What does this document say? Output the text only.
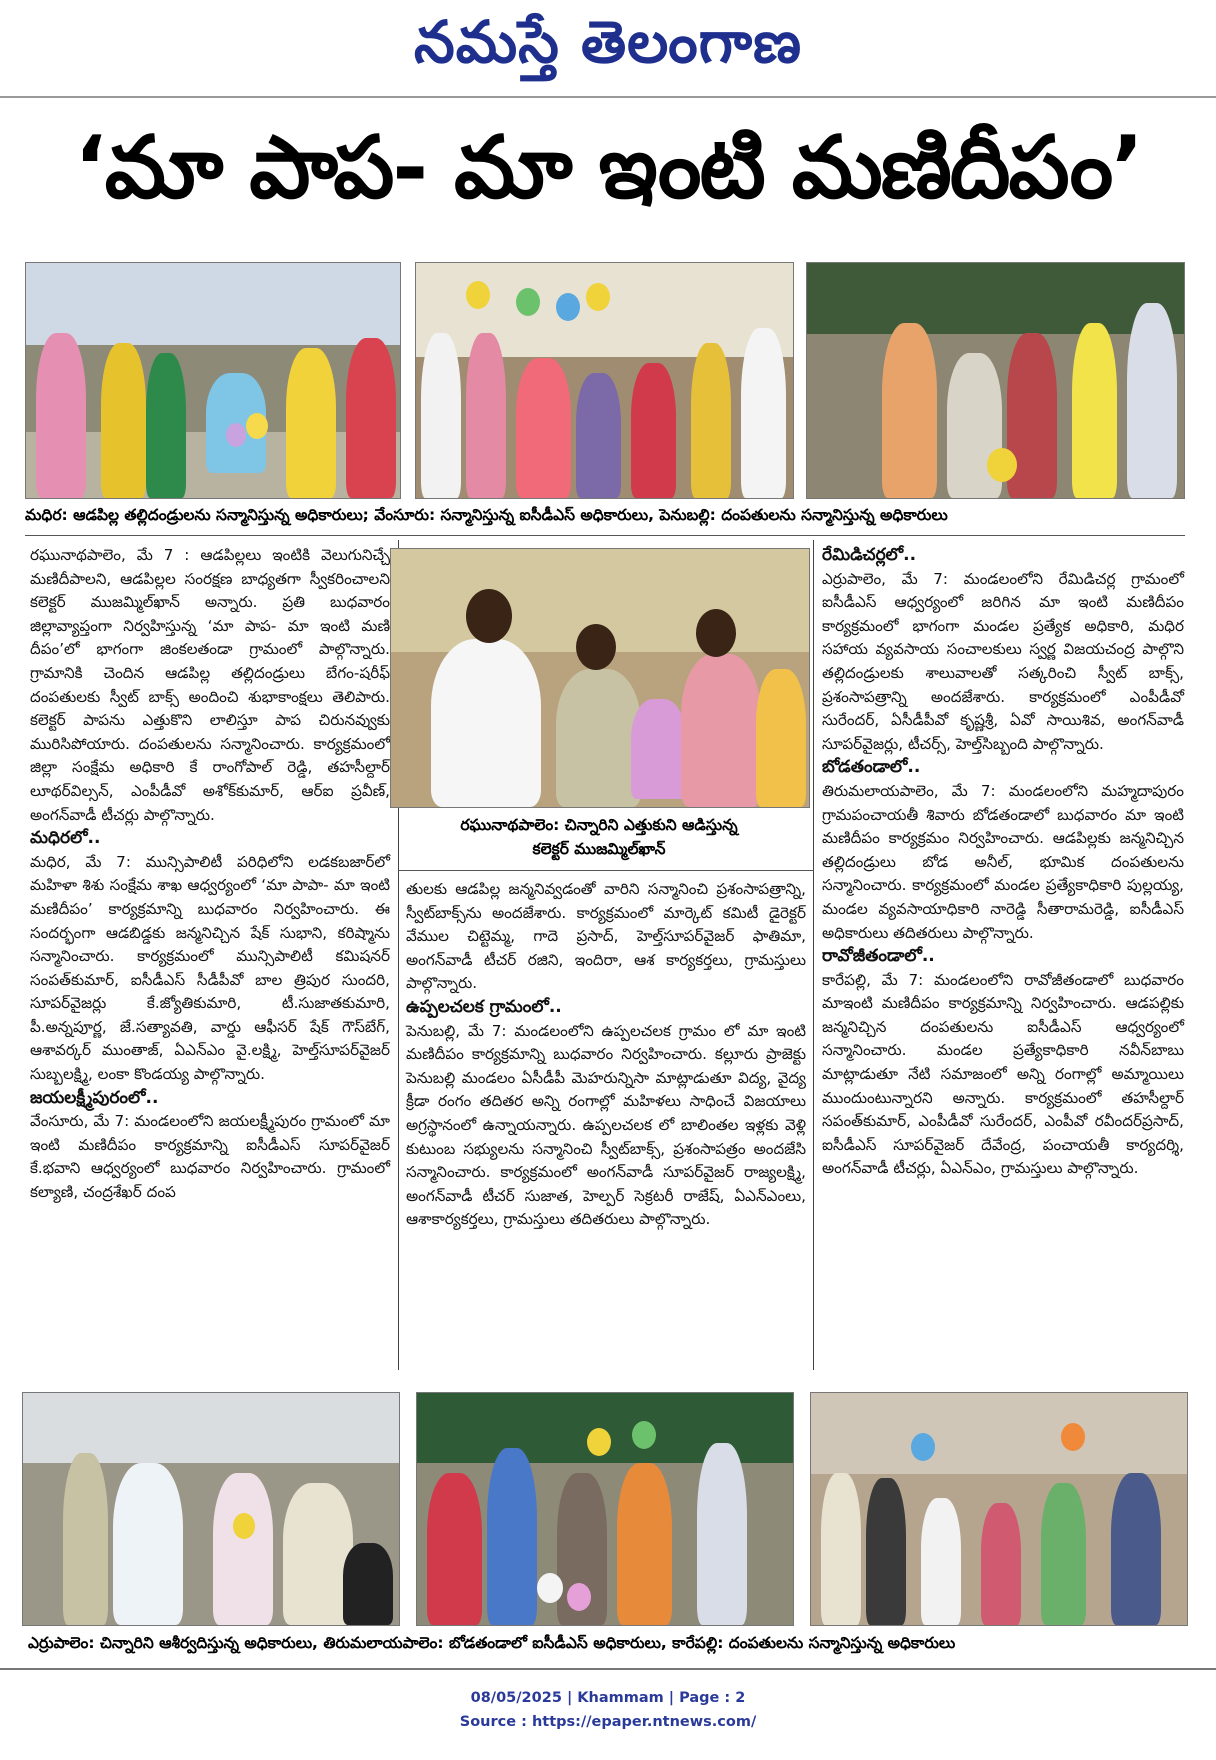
నమస్తే తెలంగాణ
‘మా పాప- మా ఇంటి మణిదీపం’
మధిర: ఆడపిల్ల తల్లిదండ్రులను సన్మానిస్తున్న అధికారులు; వేంసూరు: సన్మానిస్తున్న ఐసీడీఎస్ అధికారులు, పెనుబల్లి: దంపతులను సన్మానిస్తున్న అధికారులు

రఘునాథపాలెం, మే 7 : ఆడపిల్లలు ఇంటికి వెలుగునిచ్చే మణిదీపాలని, ఆడపిల్లల సంరక్షణ బాధ్యతగా స్వీకరించాలని కలెక్టర్ ముజమ్మిల్‌ఖాన్ అన్నారు. ప్రతి బుధవారం జిల్లావ్యాప్తంగా నిర్వహిస్తున్న ‘మా పాప- మా ఇంటి మణి దీపం’లో భాగంగా జింకలతండా గ్రామంలో పాల్గొన్నారు. గ్రామానికి చెందిన ఆడపిల్ల తల్లిదండ్రులు బేగం-షరీఫ్ దంపతులకు స్వీట్ బాక్స్ అందించి శుభాకాంక్షలు తెలిపారు. కలెక్టర్ పాపను ఎత్తుకొని లాలిస్తూ పాప చిరునవ్వుకు మురిసిపోయారు. దంపతులను సన్మానించారు. కార్యక్రమంలో జిల్లా సంక్షేమ అధికారి కే రాంగోపాల్ రెడ్డి, తహసీల్దార్ లూథర్‌విల్సన్, ఎంపీడీవో అశోక్‌కుమార్, ఆర్‌ఐ ప్రవీణ్, అంగన్‌వాడీ టీచర్లు పాల్గొన్నారు.

మధిరలో..

మధిర, మే 7: మున్సిపాలిటీ పరిధిలోని లడకబజార్‌లో మహిళా శిశు సంక్షేమ శాఖ ఆధ్వర్యంలో ‘మా పాపా- మా ఇంటి మణిదీపం’ కార్యక్రమాన్ని బుధవారం నిర్వహించారు. ఈ సందర్భంగా ఆడబిడ్డకు జన్మనిచ్చిన షేక్ సుభాని, కరిష్మాను సన్మానించారు. కార్యక్రమంలో మున్సిపాలిటీ కమిషనర్ సంపత్‌కుమార్, ఐసీడీఎస్ సీడీపీవో బాల త్రిపుర సుందరి, సూపర్‌వైజర్లు కే.జ్యోతికుమారి, టీ.సుజాతకుమారి, పీ.అన్నపూర్ణ, జే.సత్యావతి, వార్డు ఆఫీసర్ షేక్ గౌస్‌బేగ్, ఆశావర్కర్ ముంతాజ్, ఏఎన్‌ఎం వై.లక్ష్మి, హెల్త్‌సూపర్‌వైజర్ సుబ్బలక్ష్మి, లంకా కొండయ్య పాల్గొన్నారు.

జయలక్ష్మీపురంలో..

వేంసూరు, మే 7: మండలంలోని జయలక్ష్మీపురం గ్రామంలో మా ఇంటి మణిదీపం కార్యక్రమాన్ని ఐసీడీఎస్ సూపర్‌వైజర్ కే.భవాని ఆధ్వర్యంలో బుధవారం నిర్వహించారు. గ్రామంలో కల్యాణి, చంద్రశేఖర్ దంప

రఘునాథపాలెం: చిన్నారిని ఎత్తుకుని ఆడిస్తున్న
కలెక్టర్ ముజమ్మిల్‌ఖాన్

తులకు ఆడపిల్ల జన్మనివ్వడంతో వారిని సన్మానించి ప్రశంసాపత్రాన్ని, స్వీట్‌బాక్స్‌ను అందజేశారు. కార్యక్రమంలో మార్కెట్ కమిటీ డైరెక్టర్ వేముల చిట్టెమ్మ, గాదె ప్రసాద్, హెల్త్‌సూపర్‌వైజర్ ఫాతిమా, అంగన్‌వాడీ టీచర్ రజిని, ఇందిరా, ఆశ కార్యకర్తలు, గ్రామస్తులు పాల్గొన్నారు.

ఉప్పలచలక గ్రామంలో..

పెనుబల్లి, మే 7: మండలంలోని ఉప్పలచలక గ్రామం లో మా ఇంటి మణిదీపం కార్యక్రమాన్ని బుధవారం నిర్వహించారు. కల్లూరు ప్రాజెక్టు పెనుబల్లి మండలం ఏసీడీపీ మెహరున్నిసా మాట్లాడుతూ విద్య, వైద్య క్రీడా రంగం తదితర అన్ని రంగాల్లో మహిళలు సాధించే విజయాలు అగ్రస్థానంలో ఉన్నాయన్నారు. ఉప్పలచలక లో బాలింతల ఇళ్లకు వెళ్లి కుటుంబ సభ్యులను సన్మానించి స్వీట్‌బాక్స్, ప్రశంసాపత్రం అందజేసి సన్మానించారు. కార్యక్రమంలో అంగన్‌వాడీ సూపర్‌వైజర్ రాజ్యలక్ష్మి, అంగన్‌వాడీ టీచర్ సుజాత, హెల్పర్ సెక్రటరీ రాజేష్, ఏఎన్‌ఎంలు, ఆశాకార్యకర్తలు, గ్రామస్తులు తదితరులు పాల్గొన్నారు.

రేమిడిచర్లలో..

ఎర్రుపాలెం, మే 7: మండలంలోని రేమిడిచర్ల గ్రామంలో ఐసీడీఎస్ ఆధ్వర్యంలో జరిగిన మా ఇంటి మణిదీపం కార్యక్రమంలో భాగంగా మండల ప్రత్యేక అధికారి, మధిర సహాయ వ్యవసాయ సంచాలకులు స్వర్ణ విజయచంద్ర పాల్గొని తల్లిదండ్రులకు శాలువాలతో సత్కరించి స్వీట్ బాక్స్, ప్రశంసాపత్రాన్ని అందజేశారు. కార్యక్రమంలో ఎంపీడీవో సురేందర్, ఏసీడీపీవో కృష్ణశ్రీ, ఏవో సాయిశివ, అంగన్‌వాడీ సూపర్‌వైజర్లు, టీచర్స్, హెల్త్‌సిబ్బంది పాల్గొన్నారు.

బోడతండాలో..

తిరుమలాయపాలెం, మే 7: మండలంలోని మహ్మదాపురం గ్రామపంచాయతీ శివారు బోడతండాలో బుధవారం మా ఇంటి మణిదీపం కార్యక్రమం నిర్వహించారు. ఆడపిల్లకు జన్మనిచ్చిన తల్లిదండ్రులు బోడ అనీల్, భూమిక దంపతులను సన్మానించారు. కార్యక్రమంలో మండల ప్రత్యేకాధికారి పుల్లయ్య, మండల వ్యవసాయాధికారి నారెడ్డి సీతారామరెడ్డి, ఐసీడీఎస్ అధికారులు తదితరులు పాల్గొన్నారు.

రావోజీతండాలో..

కారేపల్లి, మే 7: మండలంలోని రావోజీతండాలో బుధవారం మాఇంటి మణిదీపం కార్యక్రమాన్ని నిర్వహించారు. ఆడపల్లికు జన్మనిచ్చిన దంపతులను ఐసీడీఎస్ ఆధ్వర్యంలో సన్మానించారు. మండల ప్రత్యేకాధికారి నవీన్‌బాబు మాట్లాడుతూ నేటి సమాజంలో అన్ని రంగాల్లో అమ్మాయిలు ముందుంటున్నారని అన్నారు. కార్యక్రమంలో తహసీల్దార్ సపంత్‌కుమార్, ఎంపీడీవో సురేందర్, ఎంపీవో రవీందర్‌ప్రసాద్, ఐసీడీఎస్ సూపర్‌వైజర్ దేవేంద్ర, పంచాయతీ కార్యదర్శి, అంగన్‌వాడీ టీచర్లు, ఏఎన్‌ఎం, గ్రామస్తులు పాల్గొన్నారు.

ఎర్రుపాలెం: చిన్నారిని ఆశీర్వదిస్తున్న అధికారులు, తిరుమలాయపాలెం: బోడతండాలో ఐసీడీఎస్ అధికారులు, కారేపల్లి: దంపతులను సన్మానిస్తున్న అధికారులు
08/05/2025 | Khammam | Page : 2
Source : https://epaper.ntnews.com/
